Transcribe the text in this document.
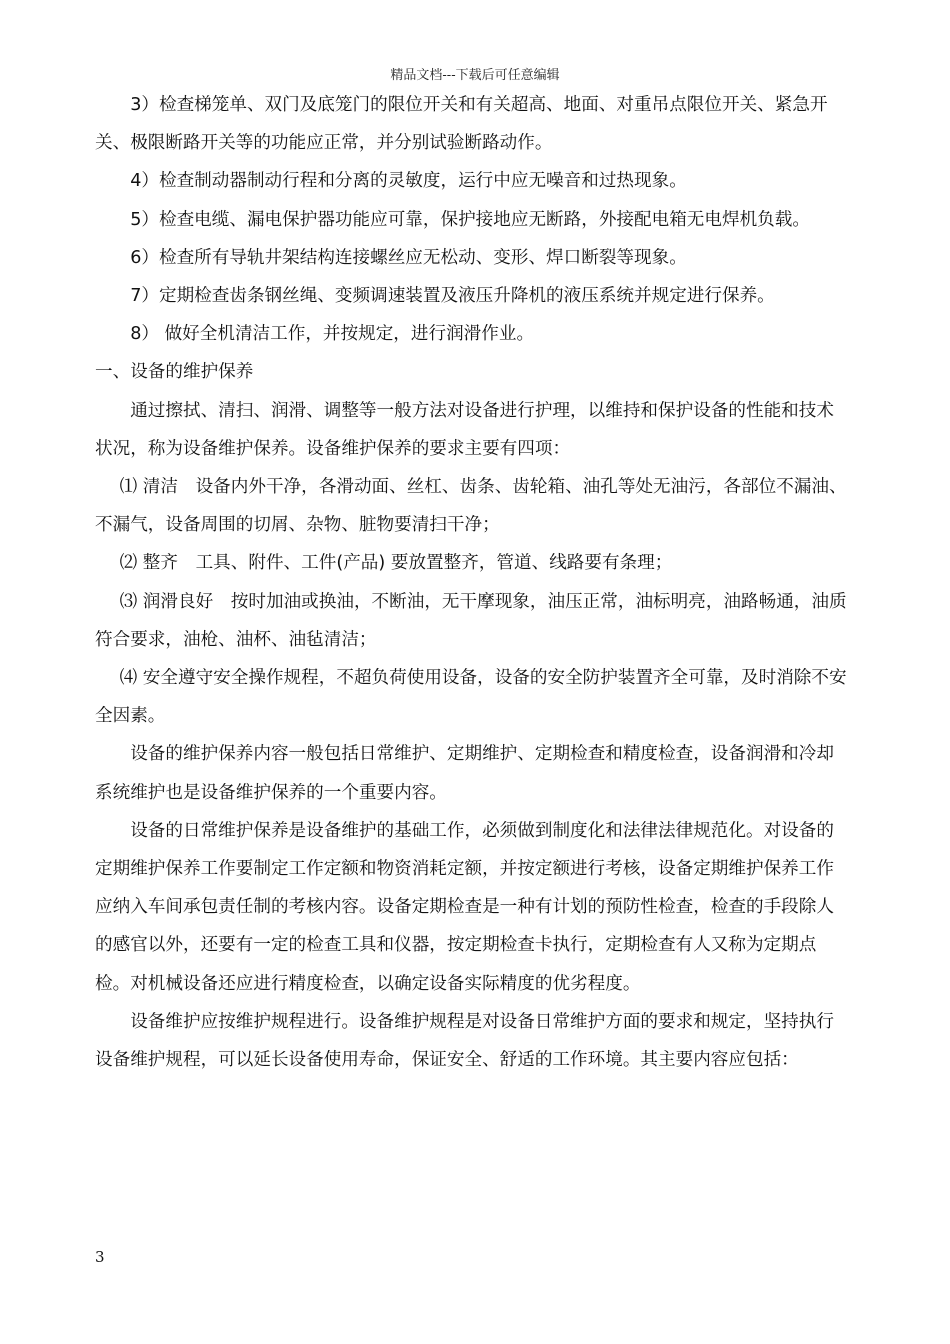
精品文档---下载后可任意编辑

3）检查梯笼单、双门及底笼门的限位开关和有关超高、地面、对重吊点限位开关、紧急开关、极限断路开关等的功能应正常，并分别试验断路动作。

4）检查制动器制动行程和分离的灵敏度，运行中应无噪音和过热现象。

5）检查电缆、漏电保护器功能应可靠，保护接地应无断路，外接配电箱无电焊机负载。

6）检查所有导轨井架结构连接螺丝应无松动、变形、焊口断裂等现象。

7）定期检查齿条钢丝绳、变频调速装置及液压升降机的液压系统并规定进行保养。

8） 做好全机清洁工作，并按规定，进行润滑作业。

一、设备的维护保养

通过擦拭、清扫、润滑、调整等一般方法对设备进行护理，以维持和保护设备的性能和技术状况，称为设备维护保养。设备维护保养的要求主要有四项：

⑴ 清洁　设备内外干净，各滑动面、丝杠、齿条、齿轮箱、油孔等处无油污，各部位不漏油、不漏气，设备周围的切屑、杂物、脏物要清扫干净；

⑵ 整齐　工具、附件、工件(产品) 要放置整齐，管道、线路要有条理；

⑶ 润滑良好　按时加油或换油，不断油，无干摩现象，油压正常，油标明亮，油路畅通，油质符合要求，油枪、油杯、油毡清洁；

⑷ 安全遵守安全操作规程，不超负荷使用设备，设备的安全防护装置齐全可靠，及时消除不安全因素。

设备的维护保养内容一般包括日常维护、定期维护、定期检查和精度检查，设备润滑和冷却系统维护也是设备维护保养的一个重要内容。

设备的日常维护保养是设备维护的基础工作，必须做到制度化和法律法律规范化。对设备的定期维护保养工作要制定工作定额和物资消耗定额，并按定额进行考核，设备定期维护保养工作应纳入车间承包责任制的考核内容。设备定期检查是一种有计划的预防性检查，检查的手段除人的感官以外，还要有一定的检查工具和仪器，按定期检查卡执行，定期检查有人又称为定期点检。对机械设备还应进行精度检查，以确定设备实际精度的优劣程度。

设备维护应按维护规程进行。设备维护规程是对设备日常维护方面的要求和规定，坚持执行设备维护规程，可以延长设备使用寿命，保证安全、舒适的工作环境。其主要内容应包括：

3
